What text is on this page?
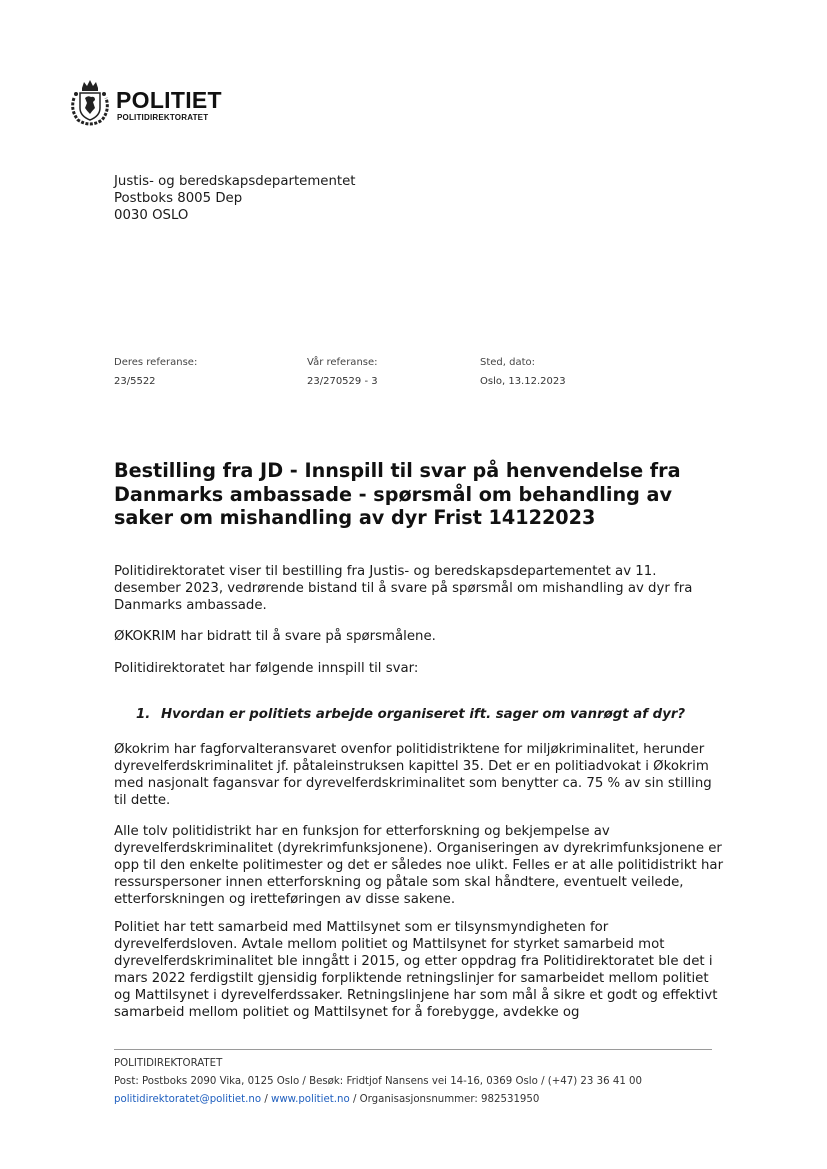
POLITIET
POLITIDIREKTORATET
Justis- og beredskapsdepartementet
Postboks 8005 Dep
0030 OSLO
Deres referanse:
23/5522
Vår referanse:
23/270529 - 3
Sted, dato:
Oslo, 13.12.2023
Bestilling fra JD - Innspill til svar på henvendelse fra Danmarks ambassade - spørsmål om behandling av saker om mishandling av dyr Frist 14122023

Politidirektoratet viser til bestilling fra Justis- og beredskapsdepartementet av 11. desember 2023, vedrørende bistand til å svare på spørsmål om mishandling av dyr fra Danmarks ambassade.

ØKOKRIM har bidratt til å svare på spørsmålene.

Politidirektoratet har følgende innspill til svar:

1. Hvordan er politiets arbejde organiseret ift. sager om vanrøgt af dyr?

Økokrim har fagforvalteransvaret ovenfor politidistriktene for miljøkriminalitet, herunder dyrevelferdskriminalitet jf. påtaleinstruksen kapittel 35. Det er en politiadvokat i Økokrim med nasjonalt fagansvar for dyrevelferdskriminalitet som benytter ca. 75 % av sin stilling til dette.

Alle tolv politidistrikt har en funksjon for etterforskning og bekjempelse av dyrevelferdskriminalitet (dyrekrimfunksjonene). Organiseringen av dyrekrimfunksjonene er opp til den enkelte politimester og det er således noe ulikt. Felles er at alle politidistrikt har ressurspersoner innen etterforskning og påtale som skal håndtere, eventuelt veilede, etterforskningen og iretteføringen av disse sakene.

Politiet har tett samarbeid med Mattilsynet som er tilsynsmyndigheten for dyrevelferdsloven. Avtale mellom politiet og Mattilsynet for styrket samarbeid mot dyrevelferdskriminalitet ble inngått i 2015, og etter oppdrag fra Politidirektoratet ble det i mars 2022 ferdigstilt gjensidig forpliktende retningslinjer for samarbeidet mellom politiet og Mattilsynet i dyrevelferdssaker. Retningslinjene har som mål å sikre et godt og effektivt samarbeid mellom politiet og Mattilsynet for å forebygge, avdekke og

POLITIDIREKTORATET
Post: Postboks 2090 Vika, 0125 Oslo / Besøk: Fridtjof Nansens vei 14-16, 0369 Oslo / (+47) 23 36 41 00
politidirektoratet@politiet.no / www.politiet.no / Organisasjonsnummer: 982531950
